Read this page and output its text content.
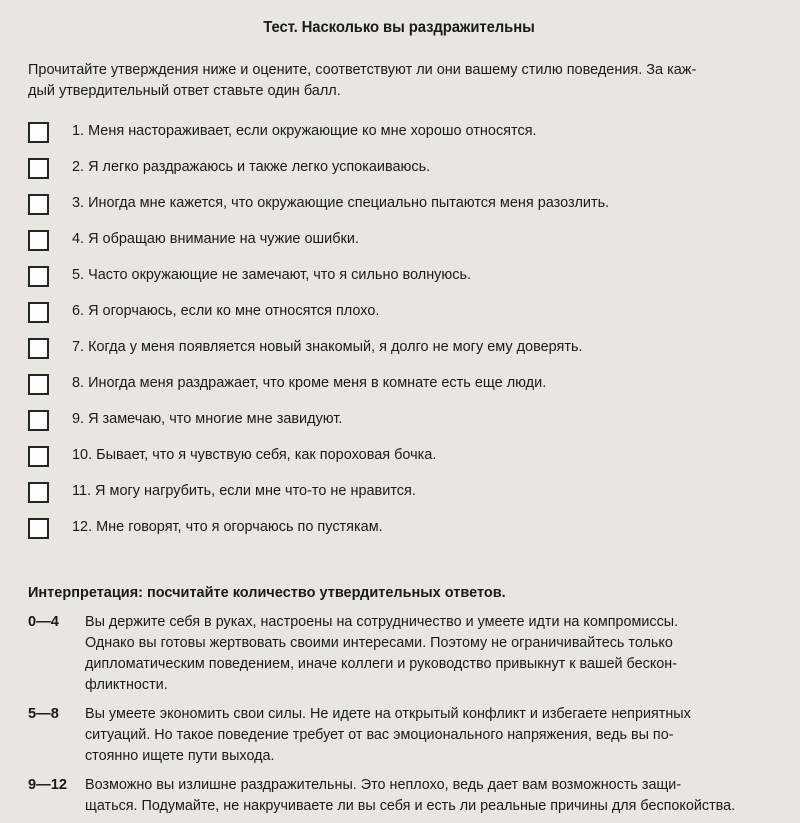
Тест. Насколько вы раздражительны
Прочитайте утверждения ниже и оцените, соответствуют ли они вашему стилю поведения. За каж-
дый утвердительный ответ ставьте один балл.
1. Меня настораживает, если окружающие ко мне хорошо относятся.
2. Я легко раздражаюсь и также легко успокаиваюсь.
3. Иногда мне кажется, что окружающие специально пытаются меня разозлить.
4. Я обращаю внимание на чужие ошибки.
5. Часто окружающие не замечают, что я сильно волнуюсь.
6. Я огорчаюсь, если ко мне относятся плохо.
7. Когда у меня появляется новый знакомый, я долго не могу ему доверять.
8. Иногда меня раздражает, что кроме меня в комнате есть еще люди.
9. Я замечаю, что многие мне завидуют.
10. Бывает, что я чувствую себя, как пороховая бочка.
11. Я могу нагрубить, если мне что-то не нравится.
12. Мне говорят, что я огорчаюсь по пустякам.
Интерпретация: посчитайте количество утвердительных ответов.
0—4	Вы держите себя в руках, настроены на сотрудничество и умеете идти на компромиссы.
Однако вы готовы жертвовать своими интересами. Поэтому не ограничивайтесь только
дипломатическим поведением, иначе коллеги и руководство привыкнут к вашей бескон-
фликтности.
5—8	Вы умеете экономить свои силы. Не идете на открытый конфликт и избегаете неприятных
ситуаций. Но такое поведение требует от вас эмоционального напряжения, ведь вы по-
стоянно ищете пути выхода.
9—12	Возможно вы излишне раздражительны. Это неплохо, ведь дает вам возможность защи-
щаться. Подумайте, не накручиваете ли вы себя и есть ли реальные причины для беспокойства.
